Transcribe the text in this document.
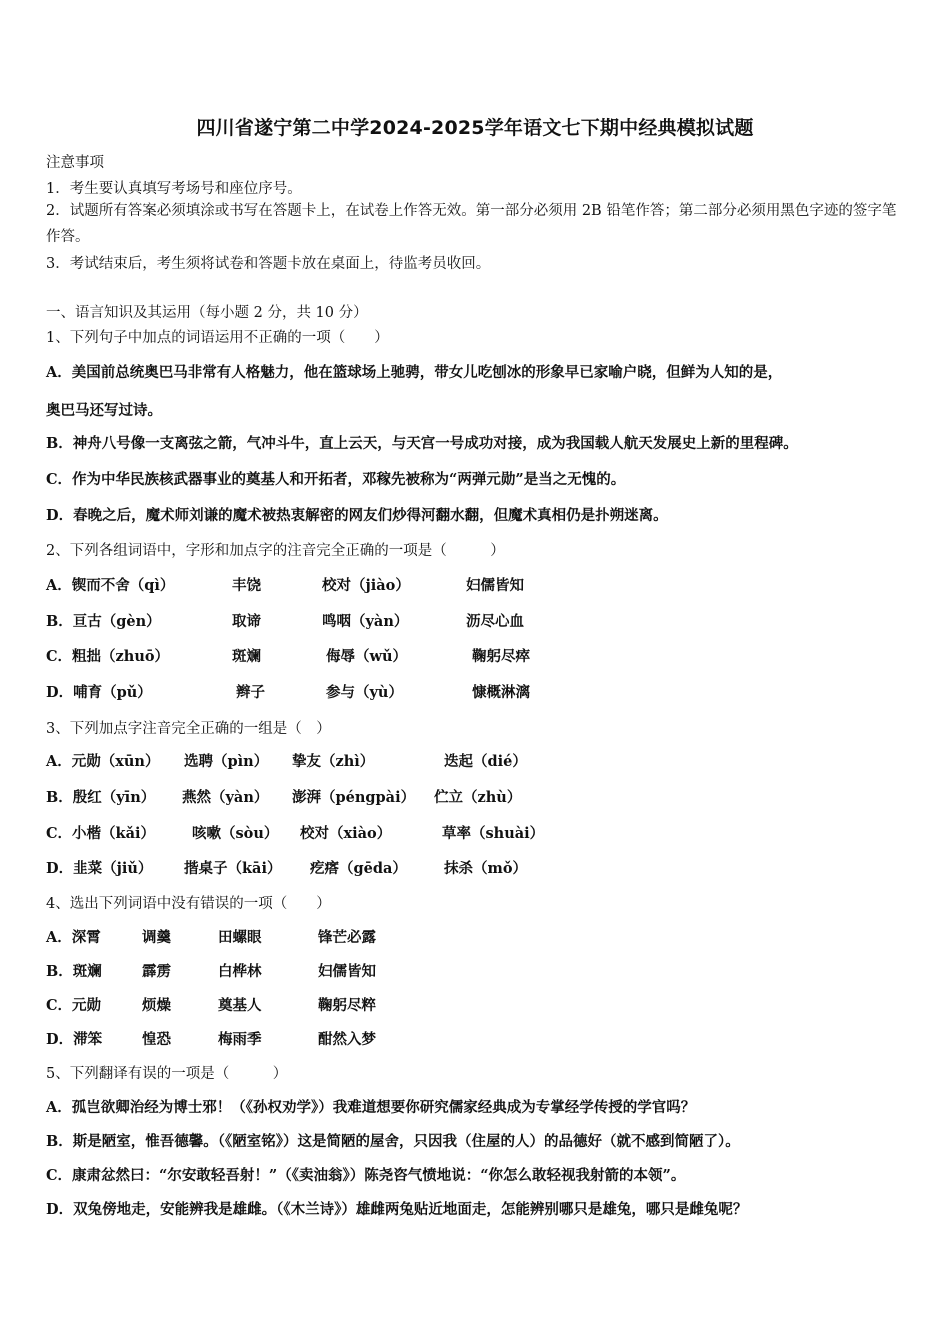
四川省遂宁第二中学2024-2025学年语文七下期中经典模拟试题
注意事项
1．考生要认真填写考场号和座位序号。
2．试题所有答案必须填涂或书写在答题卡上，在试卷上作答无效。第一部分必须用 2B 铅笔作答；第二部分必须用黑色字迹的签字笔作答。
3．考试结束后，考生须将试卷和答题卡放在桌面上，待监考员收回。
一、语言知识及其运用（每小题 2 分，共 10 分）
1、下列句子中加点的词语运用不正确的一项（　　）
A．美国前总统奥巴马非常有人格魅力，他在篮球场上驰骋，带女儿吃刨冰的形象早已家喻户晓，但鲜为人知的是，
奥巴马还写过诗。
B．神舟八号像一支离弦之箭，气冲斗牛，直上云天，与天宫一号成功对接，成为我国载人航天发展史上新的里程碑。
C．作为中华民族核武器事业的奠基人和开拓者，邓稼先被称为“两弹元勋”是当之无愧的。
D．春晚之后，魔术师刘谦的魔术被热衷解密的网友们炒得河翻水翻，但魔术真相仍是扑朔迷离。
2、下列各组词语中，字形和加点字的注音完全正确的一项是（　　　）
A．锲而不舍（qì）	丰饶	校对（jiào）	妇儒皆知
B．亘古（gèn）	取谛	鸣咽（yàn）	沥尽心血
C．粗拙（zhuō）	斑斓	侮辱（wǔ）	鞠躬尽瘁
D．哺育（pǔ）	辫子	参与（yù）	慷概淋漓
3、下列加点字注音完全正确的一组是（　）
A．元勋（xūn） 选聘（pìn） 挚友（zhì）	迭起（dié）
B．殷红（yīn） 燕然（yàn） 澎湃（péngpài） 伫立（zhù）
C．小楷（kǎi）	咳嗽（sòu） 校对（xiào）	草率（shuài）
D．韭菜（jiǔ） 揩桌子（kāi） 疙瘩（gēda）	抹杀（mǒ）
4、选出下列词语中没有错误的一项（　　）
A．深霄	调羹	田螺眼	锋芒必露
B．斑斓	霹雳	白桦林	妇儒皆知
C．元勋	烦燥	奠基人	鞠躬尽粹
D．滞笨	惶恐	梅雨季	酣然入梦
5、下列翻译有误的一项是（　　　）
A．孤岂欲卿治经为博士邪！（《孙权劝学》）我难道想要你研究儒家经典成为专掌经学传授的学官吗？
B．斯是陋室，惟吾德馨。（《陋室铭》）这是简陋的屋舍，只因我（住屋的人）的品德好（就不感到简陋了）。
C．康肃忿然曰：“尔安敢轻吾射！”（《卖油翁》）陈尧咨气愤地说：“你怎么敢轻视我射箭的本领”。
D．双兔傍地走，安能辨我是雄雌。（《木兰诗》）雄雌两兔贴近地面走，怎能辨别哪只是雄兔，哪只是雌兔呢？
